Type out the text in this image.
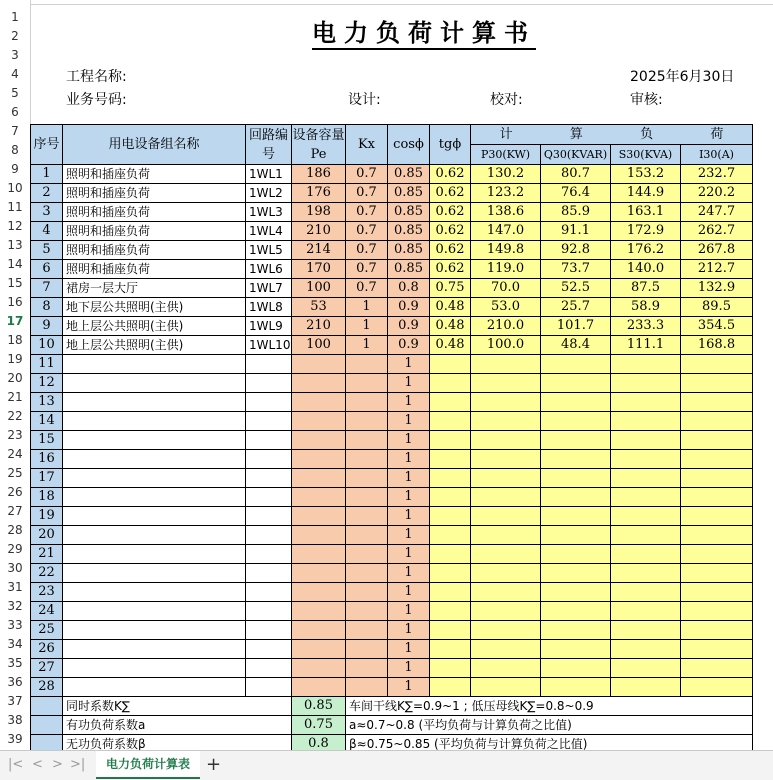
1
2
3
4
5
6
7
8
9
10
11
12
13
14
15
16
17
18
19
20
21
22
23
24
25
26
27
28
29
30
31
32
33
34
35
36
37
38
39
电力负荷计算书
工程名称:	2025年6月30日
业务号码:	设计:	校对:	审核:
序号	用电设备组名称	回路编号	设备容量 Pe	Kx	cosϕ	tgϕ	计 算 负 荷			

							P30(KW)	Q30(KVAR)	S30(KVA)	I30(A)
1	照明和插座负荷	1WL1	186	0.7	0.85	0.62	130.2	80.7	153.2	232.7
2	照明和插座负荷	1WL2	176	0.7	0.85	0.62	123.2	76.4	144.9	220.2
3	照明和插座负荷	1WL3	198	0.7	0.85	0.62	138.6	85.9	163.1	247.7
4	照明和插座负荷	1WL4	210	0.7	0.85	0.62	147.0	91.1	172.9	262.7
5	照明和插座负荷	1WL5	214	0.7	0.85	0.62	149.8	92.8	176.2	267.8
6	照明和插座负荷	1WL6	170	0.7	0.85	0.62	119.0	73.7	140.0	212.7
7	裙房一层大厅	1WL7	100	0.7	0.8	0.75	70.0	52.5	87.5	132.9
8	地下层公共照明(主供)	1WL8	53	1	0.9	0.48	53.0	25.7	58.9	89.5
9	地上层公共照明(主供)	1WL9	210	1	0.9	0.48	210.0	101.7	233.3	354.5
10	地上层公共照明(主供)	1WL10	100	1	0.9	0.48	100.0	48.4	111.1	168.8
11					1					
12					1					
13					1					
14					1					
15					1					
16					1					
17					1					
18					1					
19					1					
20					1					
21					1					
22					1					
23					1					
24					1					
25					1					
26					1					
27					1					
28					1					
	同时系数K∑		0.85	车间干线K∑=0.9~1 ; 低压母线K∑=0.8~0.9						
	有功负荷系数a		0.75	a≈0.7~0.8 (平均负荷与计算负荷之比值)						
	无功负荷系数β		0.8	β≈0.75~0.85 (平均负荷与计算负荷之比值)						
|< < > >|	电力负荷计算表 +
